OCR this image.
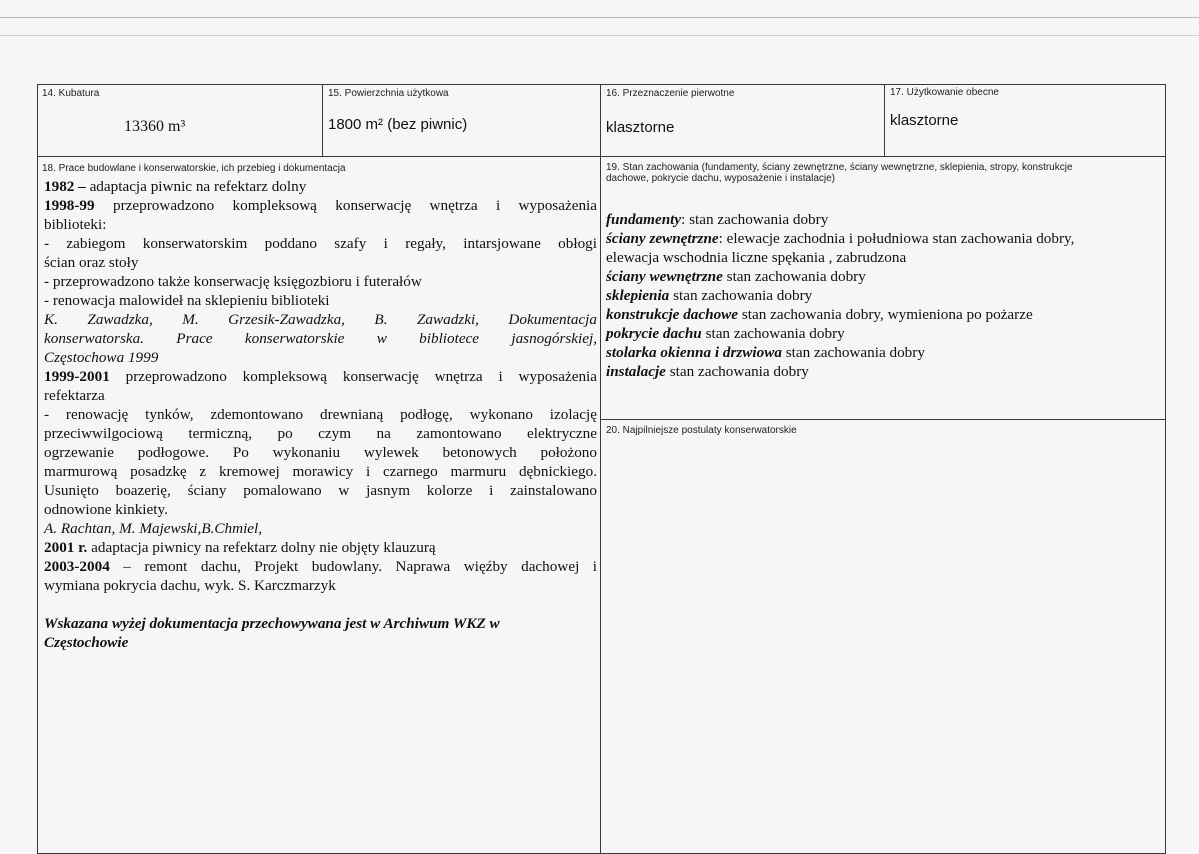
14. Kubatura
13360 m³
15. Powierzchnia użytkowa
1800 m² (bez piwnic)
16. Przeznaczenie pierwotne
klasztorne
17. Użytkowanie obecne
klasztorne
18. Prace budowlane i konserwatorskie, ich przebieg i dokumentacja

1982 – adaptacja piwnic na refektarz dolny

1998-99 przeprowadzono kompleksową konserwację wnętrza i wyposażenia

biblioteki:

- zabiegom konserwatorskim poddano szafy i regały, intarsjowane obłogi

ścian oraz stoły

- przeprowadzono także konserwację księgozbioru i futerałów

- renowacja malowideł na sklepieniu biblioteki

K. Zawadzka, M. Grzesik-Zawadzka, B. Zawadzki, Dokumentacja

konserwatorska. Prace konserwatorskie w bibliotece jasnogórskiej,

Częstochowa 1999

1999-2001 przeprowadzono kompleksową konserwację wnętrza i wyposażenia

refektarza

- renowację tynków, zdemontowano drewnianą podłogę, wykonano izolację

przeciwwilgociową termiczną, po czym na zamontowano elektryczne

ogrzewanie podłogowe. Po wykonaniu wylewek betonowych położono

marmurową posadzkę z kremowej morawicy i czarnego marmuru dębnickiego.

Usunięto boazerię, ściany pomalowano w jasnym kolorze i zainstalowano

odnowione kinkiety.

A. Rachtan, M. Majewski,B.Chmiel,

2001 r. adaptacja piwnicy na refektarz dolny nie objęty klauzurą

2003-2004 – remont dachu, Projekt budowlany. Naprawa więźby dachowej i

wymiana pokrycia dachu, wyk. S. Karczmarzyk

Wskazana wyżej dokumentacja przechowywana jest w Archiwum WKZ w Częstochowie

19. Stan zachowania (fundamenty, ściany zewnętrzne, ściany wewnętrzne, sklepienia, stropy, konstrukcje dachowe, pokrycie dachu, wyposażenie i instalacje)

fundamenty: stan zachowania dobry

ściany zewnętrzne: elewacje zachodnia i południowa stan zachowania dobry,

elewacja wschodnia liczne spękania , zabrudzona

ściany wewnętrzne stan zachowania dobry

sklepienia stan zachowania dobry

konstrukcje dachowe stan zachowania dobry, wymieniona po pożarze

pokrycie dachu stan zachowania dobry

stolarka okienna i drzwiowa stan zachowania dobry

instalacje stan zachowania dobry

20. Najpilniejsze postulaty konserwatorskie
